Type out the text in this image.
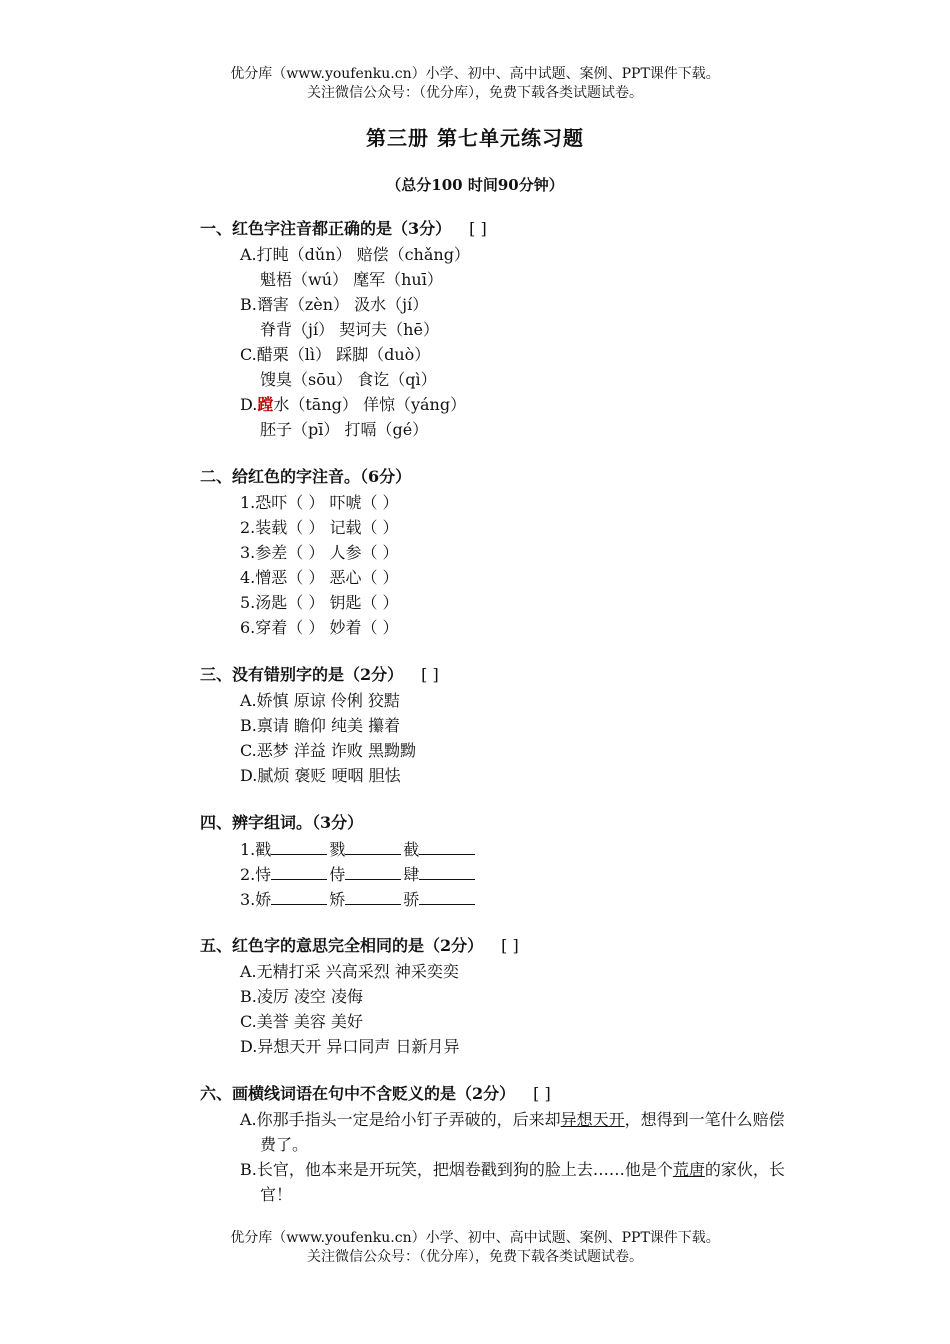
优分库（www.youfenku.cn）小学、初中、高中试题、案例、PPT课件下载。
关注微信公众号：（优分库），免费下载各类试题试卷。
第三册 第七单元练习题
（总分100 时间90分钟）
一、红色字注音都正确的是（3分） [ ]
A.打盹（dǔn） 赔偿（chǎng）
魁梧（wú） 麾军（huī）
B.谮害（zèn） 汲水（jí）
脊背（jí） 契诃夫（hē）
C.醋栗（lì） 踩脚（duò）
馊臭（sōu） 食讫（qì）
D.蹚水（tāng） 佯惊（yáng）
胚子（pī） 打嗝（gé）
二、给红色的字注音。（6分）
1.恐吓（ ） 吓唬（ ）
2.装载（ ） 记载（ ）
3.参差（ ） 人参（ ）
4.憎恶（ ） 恶心（ ）
5.汤匙（ ） 钥匙（ ）
6.穿着（ ） 妙着（ ）
三、没有错别字的是（2分） [ ]
A.娇慎 原谅 伶俐 狡黠
B.禀请 瞻仰 纯美 攥着
C.恶梦 洋益 诈败 黑黝黝
D.腻烦 褒贬 哽咽 胆怯
四、辨字组词。（3分）
1.戳	戮	截
2.恃	侍	肆
3.娇	矫	骄
五、红色字的意思完全相同的是（2分） [ ]
A.无精打采 兴高采烈 神采奕奕
B.凌厉 凌空 凌侮
C.美誉 美容 美好
D.异想天开 异口同声 日新月异
六、画横线词语在句中不含贬义的是（2分） [ ]
A.你那手指头一定是给小钉子弄破的，后来却异想天开，想得到一笔什么赔偿费了。
B.长官，他本来是开玩笑，把烟卷戳到狗的脸上去……他是个荒唐的家伙，长官！
优分库（www.youfenku.cn）小学、初中、高中试题、案例、PPT课件下载。
关注微信公众号：（优分库），免费下载各类试题试卷。
